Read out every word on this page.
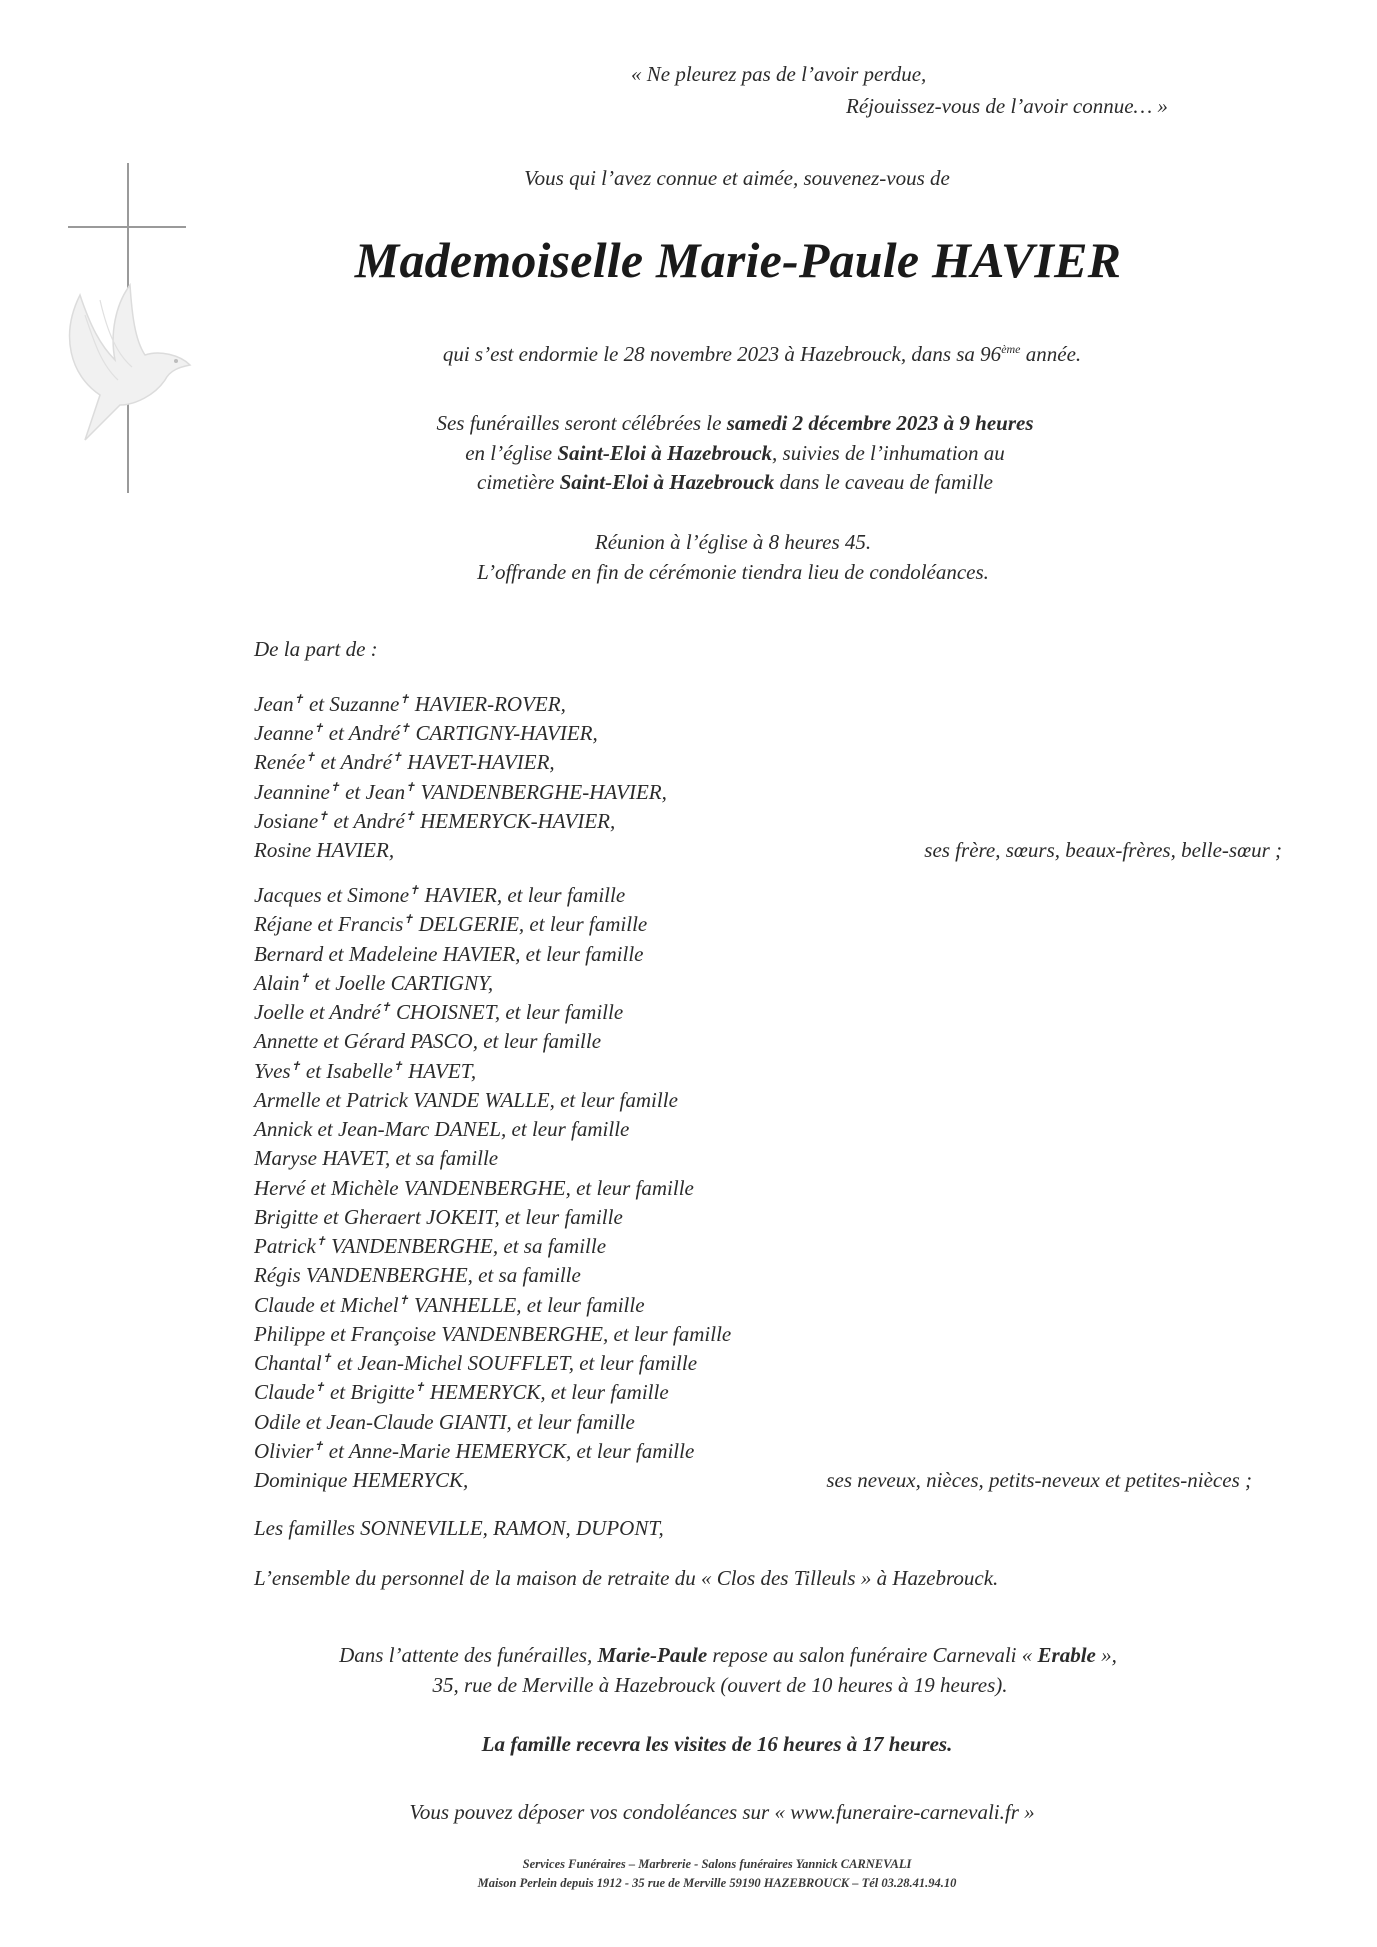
« Ne pleurez pas de l’avoir perdue,
Réjouissez-vous de l’avoir connue… »
Vous qui l’avez connue et aimée, souvenez-vous de
Mademoiselle Marie-Paule HAVIER
qui s’est endormie le 28 novembre 2023 à Hazebrouck, dans sa 96ème année.
Ses funérailles seront célébrées le samedi 2 décembre 2023 à 9 heures
en l’église Saint-Eloi à Hazebrouck, suivies de l’inhumation au
cimetière Saint-Eloi à Hazebrouck dans le caveau de famille
Réunion à l’église à 8 heures 45.
L’offrande en fin de cérémonie tiendra lieu de condoléances.
De la part de :
Jean✝ et Suzanne✝ HAVIER-ROVER,
Jeanne✝ et André✝ CARTIGNY-HAVIER,
Renée✝ et André✝ HAVET-HAVIER,
Jeannine✝ et Jean✝ VANDENBERGHE-HAVIER,
Josiane✝ et André✝ HEMERYCK-HAVIER,
Rosine HAVIER,	ses frère, sœurs, beaux-frères, belle-sœur ;
Jacques et Simone✝ HAVIER, et leur famille
Réjane et Francis✝ DELGERIE, et leur famille
Bernard et Madeleine HAVIER, et leur famille
Alain✝ et Joelle CARTIGNY,
Joelle et André✝ CHOISNET, et leur famille
Annette et Gérard PASCO, et leur famille
Yves✝ et Isabelle✝ HAVET,
Armelle et Patrick VANDE WALLE, et leur famille
Annick et Jean-Marc DANEL, et leur famille
Maryse HAVET, et sa famille
Hervé et Michèle VANDENBERGHE, et leur famille
Brigitte et Gheraert JOKEIT, et leur famille
Patrick✝ VANDENBERGHE, et sa famille
Régis VANDENBERGHE, et sa famille
Claude et Michel✝ VANHELLE, et leur famille
Philippe et Françoise VANDENBERGHE, et leur famille
Chantal✝ et Jean-Michel SOUFFLET, et leur famille
Claude✝ et Brigitte✝ HEMERYCK, et leur famille
Odile et Jean-Claude GIANTI, et leur famille
Olivier✝ et Anne-Marie HEMERYCK, et leur famille
Dominique HEMERYCK,	ses neveux, nièces, petits-neveux et petites-nièces ;
Les familles SONNEVILLE, RAMON, DUPONT,
L’ensemble du personnel de la maison de retraite du « Clos des Tilleuls » à Hazebrouck.
Dans l’attente des funérailles, Marie-Paule repose au salon funéraire Carnevali « Erable »,
35, rue de Merville à Hazebrouck (ouvert de 10 heures à 19 heures).
La famille recevra les visites de 16 heures à 17 heures.
Vous pouvez déposer vos condoléances sur « www.funeraire-carnevali.fr »
Services Funéraires – Marbrerie - Salons funéraires Yannick CARNEVALI
Maison Perlein depuis 1912 - 35 rue de Merville 59190 HAZEBROUCK – Tél 03.28.41.94.10
